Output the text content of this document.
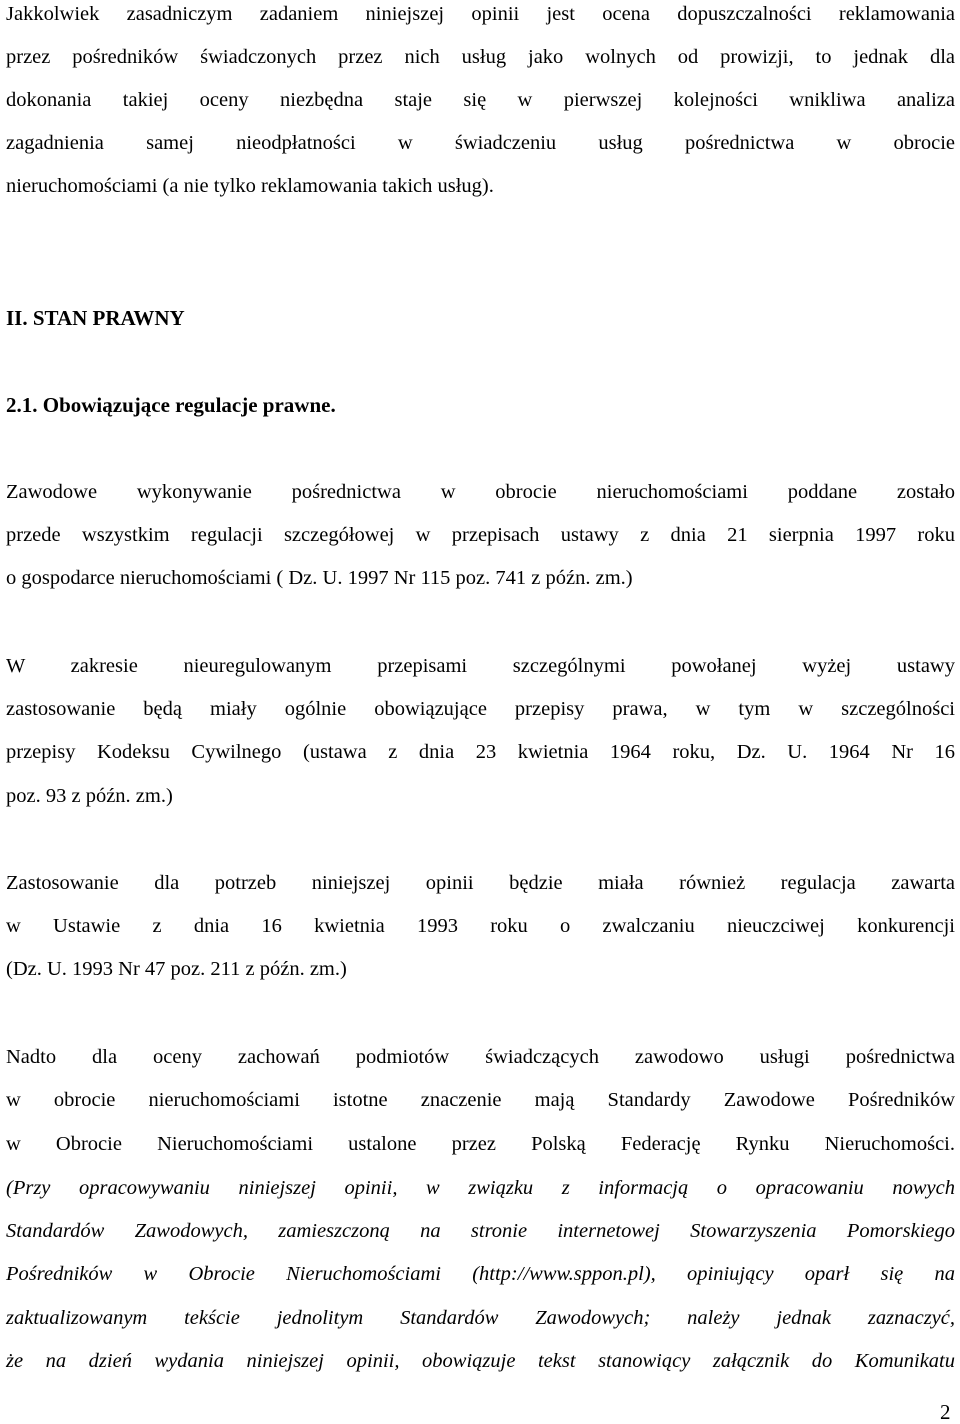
Jakkolwiek zasadniczym zadaniem niniejszej opinii jest ocena dopuszczalności reklamowania
przez pośredników świadczonych przez nich usług jako wolnych od prowizji, to jednak dla
dokonania takiej oceny niezbędna staje się w pierwszej kolejności wnikliwa analiza
zagadnienia samej nieodpłatności w świadczeniu usług pośrednictwa w obrocie
nieruchomościami (a nie tylko reklamowania takich usług).
II. STAN PRAWNY
2.1. Obowiązujące regulacje prawne.
Zawodowe wykonywanie pośrednictwa w obrocie nieruchomościami poddane zostało
przede wszystkim regulacji szczegółowej w przepisach ustawy z dnia 21 sierpnia 1997 roku
o gospodarce nieruchomościami ( Dz. U. 1997 Nr 115 poz. 741 z późn. zm.)
W zakresie nieuregulowanym przepisami szczególnymi powołanej wyżej ustawy
zastosowanie będą miały ogólnie obowiązujące przepisy prawa, w tym w szczególności
przepisy Kodeksu Cywilnego (ustawa z dnia 23 kwietnia 1964 roku, Dz. U. 1964 Nr 16
poz. 93 z późn. zm.)
Zastosowanie dla potrzeb niniejszej opinii będzie miała również regulacja zawarta
w Ustawie z dnia 16 kwietnia 1993 roku o zwalczaniu nieuczciwej konkurencji
(Dz. U. 1993 Nr 47 poz. 211 z późn. zm.)
Nadto dla oceny zachowań podmiotów świadczących zawodowo usługi pośrednictwa
w obrocie nieruchomościami istotne znaczenie mają Standardy Zawodowe Pośredników
w Obrocie Nieruchomościami ustalone przez Polską Federację Rynku Nieruchomości.
(Przy opracowywaniu niniejszej opinii, w związku z informacją o opracowaniu nowych
Standardów Zawodowych, zamieszczoną na stronie internetowej Stowarzyszenia Pomorskiego
Pośredników w Obrocie Nieruchomościami (http://www.sppon.pl), opiniujący oparł się na
zaktualizowanym tekście jednolitym Standardów Zawodowych; należy jednak zaznaczyć,
że na dzień wydania niniejszej opinii, obowiązuje tekst stanowiący załącznik do Komunikatu
2
